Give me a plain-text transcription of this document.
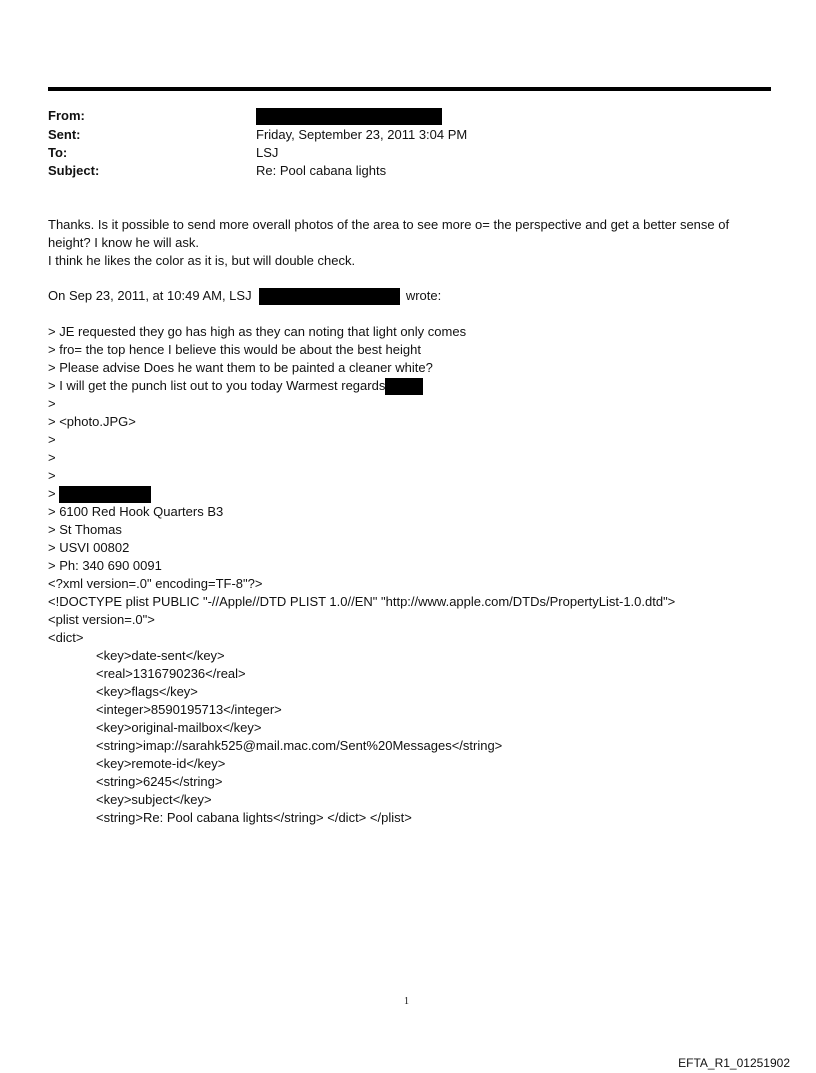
From:
Sent:	Friday, September 23, 2011 3:04 PM
To:	LSJ
Subject:	Re: Pool cabana lights
Thanks. Is it possible to send more overall photos of the area to see more o= the perspective and get a better sense of height? I know he will ask.
I think he likes the color as it is, but will double check.
On Sep 23, 2011, at 10:49 AM, LSJ	wrote:
> JE requested they go has high as they can noting that light only comes
> fro= the top hence I believe this would be about the best height
> Please advise Does he want them to be painted a cleaner white?
> I will get the punch list out to you today Warmest regards
>
> <photo.JPG>
>
>
>
>
> 6100 Red Hook Quarters B3
> St Thomas
> USVI 00802
> Ph: 340 690 0091
<?xml version=.0" encoding=TF-8"?>
<!DOCTYPE plist PUBLIC "-//Apple//DTD PLIST 1.0//EN" "http://www.apple.com/DTDs/PropertyList-1.0.dtd">
<plist version=.0">
<dict>
<key>date-sent</key>
<real>1316790236</real>
<key>flags</key>
<integer>8590195713</integer>
<key>original-mailbox</key>
<string>imap://sarahk525@mail.mac.com/Sent%20Messages</string>
<key>remote-id</key>
<string>6245</string>
<key>subject</key>
<string>Re: Pool cabana lights</string> </dict> </plist>
1
EFTA_R1_01251902
